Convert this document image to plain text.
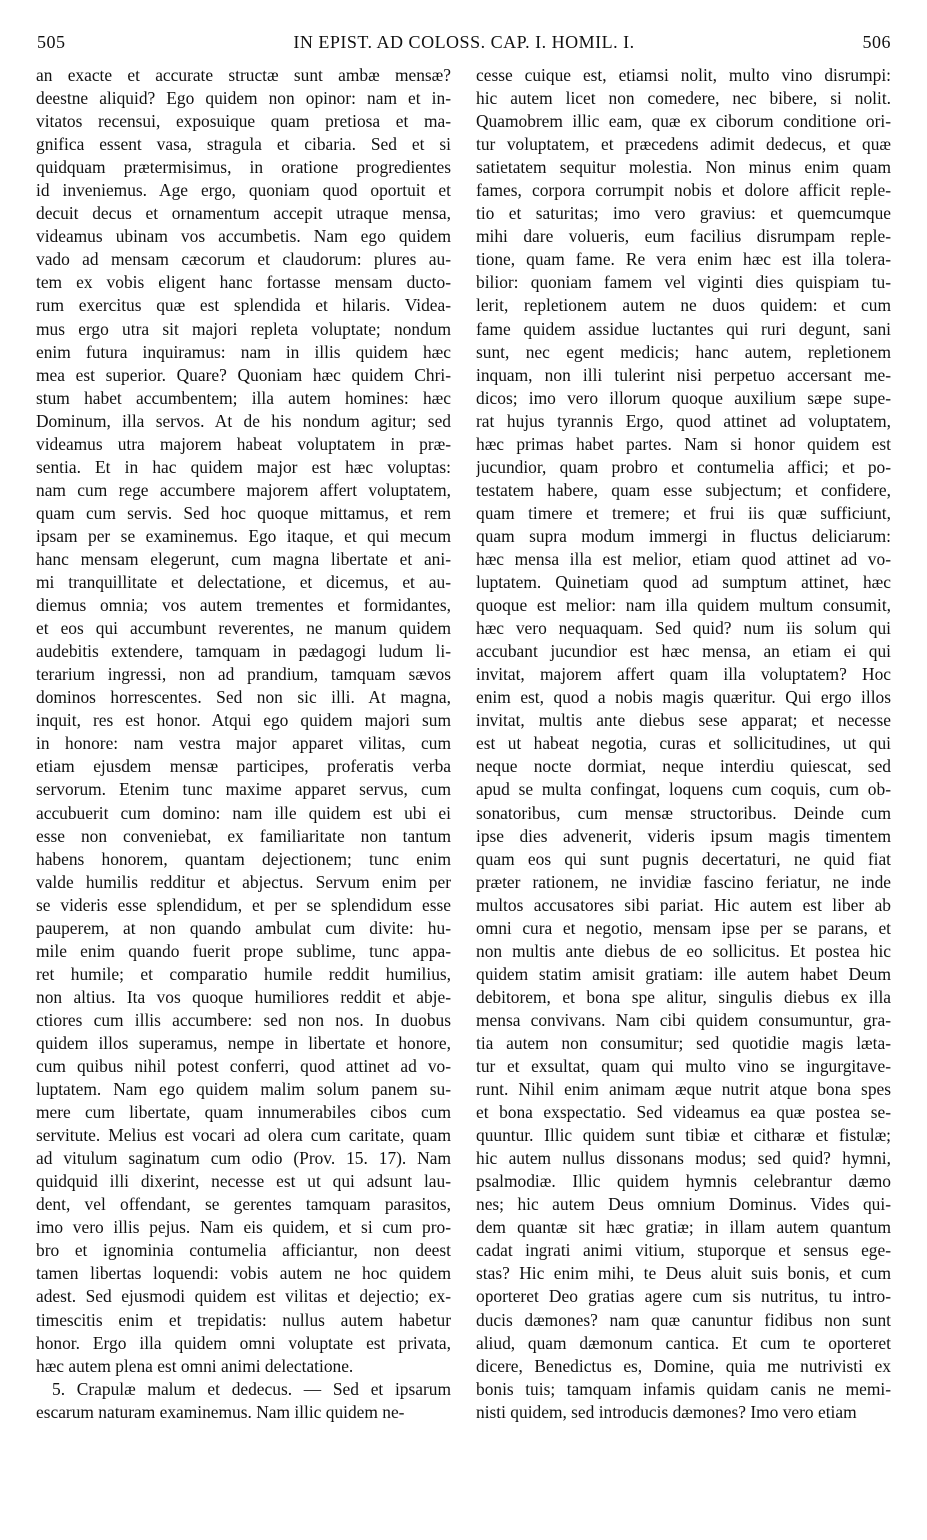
505	IN EPIST. AD COLOSS. CAP. I. HOMIL. I.	506
an exacte et accurate structæ sunt ambæ mensæ?
deestne aliquid? Ego quidem non opinor: nam et in-
vitatos recensui, exposuique quam pretiosa et ma-
gnifica essent vasa, stragula et cibaria. Sed et si
quidquam prætermisimus, in oratione progredientes
id inveniemus. Age ergo, quoniam quod oportuit et
decuit decus et ornamentum accepit utraque mensa,
videamus ubinam vos accumbetis. Nam ego quidem
vado ad mensam cæcorum et claudorum: plures au-
tem ex vobis eligent hanc fortasse mensam ducto-
rum exercitus quæ est splendida et hilaris. Videa-
mus ergo utra sit majori repleta voluptate; nondum
enim futura inquiramus: nam in illis quidem hæc
mea est superior. Quare? Quoniam hæc quidem Chri-
stum habet accumbentem; illa autem homines: hæc
Dominum, illa servos. At de his nondum agitur; sed
videamus utra majorem habeat voluptatem in præ-
sentia. Et in hac quidem major est hæc voluptas:
nam cum rege accumbere majorem affert voluptatem,
quam cum servis. Sed hoc quoque mittamus, et rem
ipsam per se examinemus. Ego itaque, et qui mecum
hanc mensam elegerunt, cum magna libertate et ani-
mi tranquillitate et delectatione, et dicemus, et au-
diemus omnia; vos autem trementes et formidantes,
et eos qui accumbunt reverentes, ne manum quidem
audebitis extendere, tamquam in pædagogi ludum li-
terarium ingressi, non ad prandium, tamquam sævos
dominos horrescentes. Sed non sic illi. At magna,
inquit, res est honor. Atqui ego quidem majori sum
in honore: nam vestra major apparet vilitas, cum
etiam ejusdem mensæ participes, proferatis verba
servorum. Etenim tunc maxime apparet servus, cum
accubuerit cum domino: nam ille quidem est ubi ei
esse non conveniebat, ex familiaritate non tantum
habens honorem, quantam dejectionem; tunc enim
valde humilis redditur et abjectus. Servum enim per
se videris esse splendidum, et per se splendidum esse
pauperem, at non quando ambulat cum divite: hu-
mile enim quando fuerit prope sublime, tunc appa-
ret humile; et comparatio humile reddit humilius,
non altius. Ita vos quoque humiliores reddit et abje-
ctiores cum illis accumbere: sed non nos. In duobus
quidem illos superamus, nempe in libertate et honore,
cum quibus nihil potest conferri, quod attinet ad vo-
luptatem. Nam ego quidem malim solum panem su-
mere cum libertate, quam innumerabiles cibos cum
servitute. Melius est vocari ad olera cum caritate, quam
ad vitulum saginatum cum odio (Prov. 15. 17). Nam
quidquid illi dixerint, necesse est ut qui adsunt lau-
dent, vel offendant, se gerentes tamquam parasitos,
imo vero illis pejus. Nam eis quidem, et si cum pro-
bro et ignominia contumelia afficiantur, non deest
tamen libertas loquendi: vobis autem ne hoc quidem
adest. Sed ejusmodi quidem est vilitas et dejectio; ex-
timescitis enim et trepidatis: nullus autem habetur
honor. Ergo illa quidem omni voluptate est privata,
hæc autem plena est omni animi delectatione.
5. Crapulæ malum et dedecus. — Sed et ipsarum
escarum naturam examinemus. Nam illic quidem ne-
cesse cuique est, etiamsi nolit, multo vino disrumpi:
hic autem licet non comedere, nec bibere, si nolit.
Quamobrem illic eam, quæ ex ciborum conditione ori-
tur voluptatem, et præcedens adimit dedecus, et quæ
satietatem sequitur molestia. Non minus enim quam
fames, corpora corrumpit nobis et dolore afficit reple-
tio et saturitas; imo vero gravius: et quemcumque
mihi dare volueris, eum facilius disrumpam reple-
tione, quam fame. Re vera enim hæc est illa tolera-
bilior: quoniam famem vel viginti dies quispiam tu-
lerit, repletionem autem ne duos quidem: et cum
fame quidem assidue luctantes qui ruri degunt, sani
sunt, nec egent medicis; hanc autem, repletionem
inquam, non illi tulerint nisi perpetuo accersant me-
dicos; imo vero illorum quoque auxilium sæpe supe-
rat hujus tyrannis Ergo, quod attinet ad voluptatem,
hæc primas habet partes. Nam si honor quidem est
jucundior, quam probro et contumelia affici; et po-
testatem habere, quam esse subjectum; et confidere,
quam timere et tremere; et frui iis quæ sufficiunt,
quam supra modum immergi in fluctus deliciarum:
hæc mensa illa est melior, etiam quod attinet ad vo-
luptatem. Quinetiam quod ad sumptum attinet, hæc
quoque est melior: nam illa quidem multum consumit,
hæc vero nequaquam. Sed quid? num iis solum qui
accubant jucundior est hæc mensa, an etiam ei qui
invitat, majorem affert quam illa voluptatem? Hoc
enim est, quod a nobis magis quæritur. Qui ergo illos
invitat, multis ante diebus sese apparat; et necesse
est ut habeat negotia, curas et sollicitudines, ut qui
neque nocte dormiat, neque interdiu quiescat, sed
apud se multa confingat, loquens cum coquis, cum ob-
sonatoribus, cum mensæ structoribus. Deinde cum
ipse dies advenerit, videris ipsum magis timentem
quam eos qui sunt pugnis decertaturi, ne quid fiat
præter rationem, ne invidiæ fascino feriatur, ne inde
multos accusatores sibi pariat. Hic autem est liber ab
omni cura et negotio, mensam ipse per se parans, et
non multis ante diebus de eo sollicitus. Et postea hic
quidem statim amisit gratiam: ille autem habet Deum
debitorem, et bona spe alitur, singulis diebus ex illa
mensa convivans. Nam cibi quidem consumuntur, gra-
tia autem non consumitur; sed quotidie magis læta-
tur et exsultat, quam qui multo vino se ingurgitave-
runt. Nihil enim animam æque nutrit atque bona spes
et bona exspectatio. Sed videamus ea quæ postea se-
quuntur. Illic quidem sunt tibiæ et citharæ et fistulæ;
hic autem nullus dissonans modus; sed quid? hymni,
psalmodiæ. Illic quidem hymnis celebrantur dæmo
nes; hic autem Deus omnium Dominus. Vides qui-
dem quantæ sit hæc gratiæ; in illam autem quantum
cadat ingrati animi vitium, stuporque et sensus ege-
stas? Hic enim mihi, te Deus aluit suis bonis, et cum
oporteret Deo gratias agere cum sis nutritus, tu intro-
ducis dæmones? nam quæ canuntur fidibus non sunt
aliud, quam dæmonum cantica. Et cum te oporteret
dicere, Benedictus es, Domine, quia me nutrivisti ex
bonis tuis; tamquam infamis quidam canis ne memi-
nisti quidem, sed introducis dæmones? Imo vero etiam
